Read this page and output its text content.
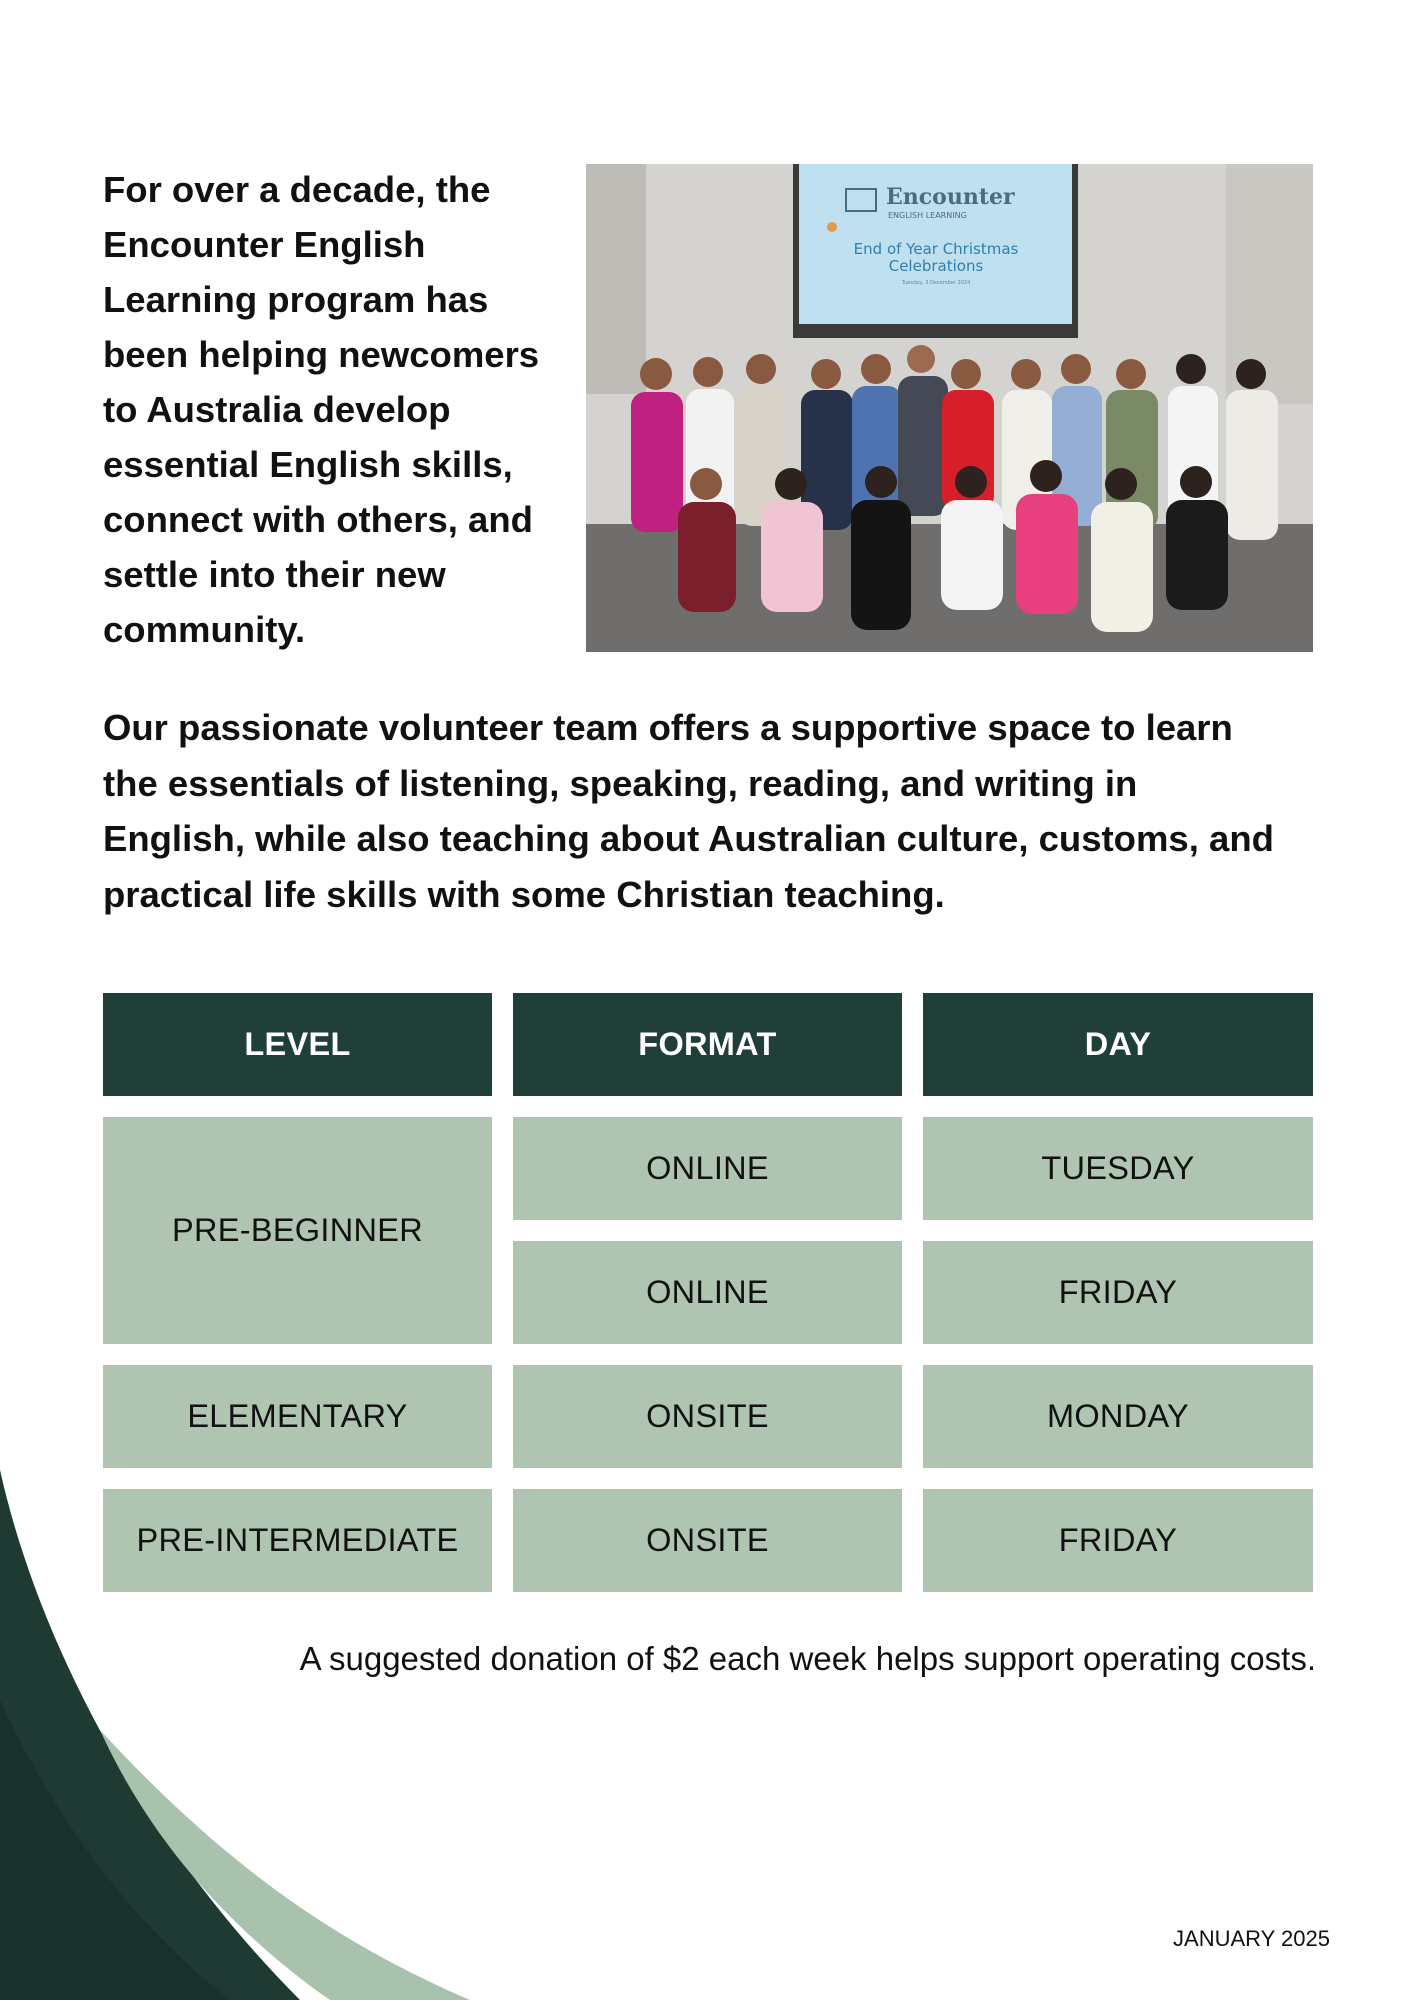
For over a decade, the
Encounter English
Learning program has
been helping newcomers
to Australia develop
essential English skills,
connect with others, and
settle into their new
community.

Encounter
ENGLISH LEARNING
End of Year Christmas
Celebrations
Tuesday, 3 December 2024

Our passionate volunteer team offers a supportive space to learn
the essentials of listening, speaking, reading, and writing in
English, while also teaching about Australian culture, customs, and
practical life skills with some Christian teaching.

LEVEL	FORMAT	DAY
PRE-BEGINNER
ONLINE	TUESDAY
ONLINE	FRIDAY
ELEMENTARY	ONSITE	MONDAY
PRE-INTERMEDIATE	ONSITE	FRIDAY

A suggested donation of $2 each week helps support operating costs.

JANUARY 2025
